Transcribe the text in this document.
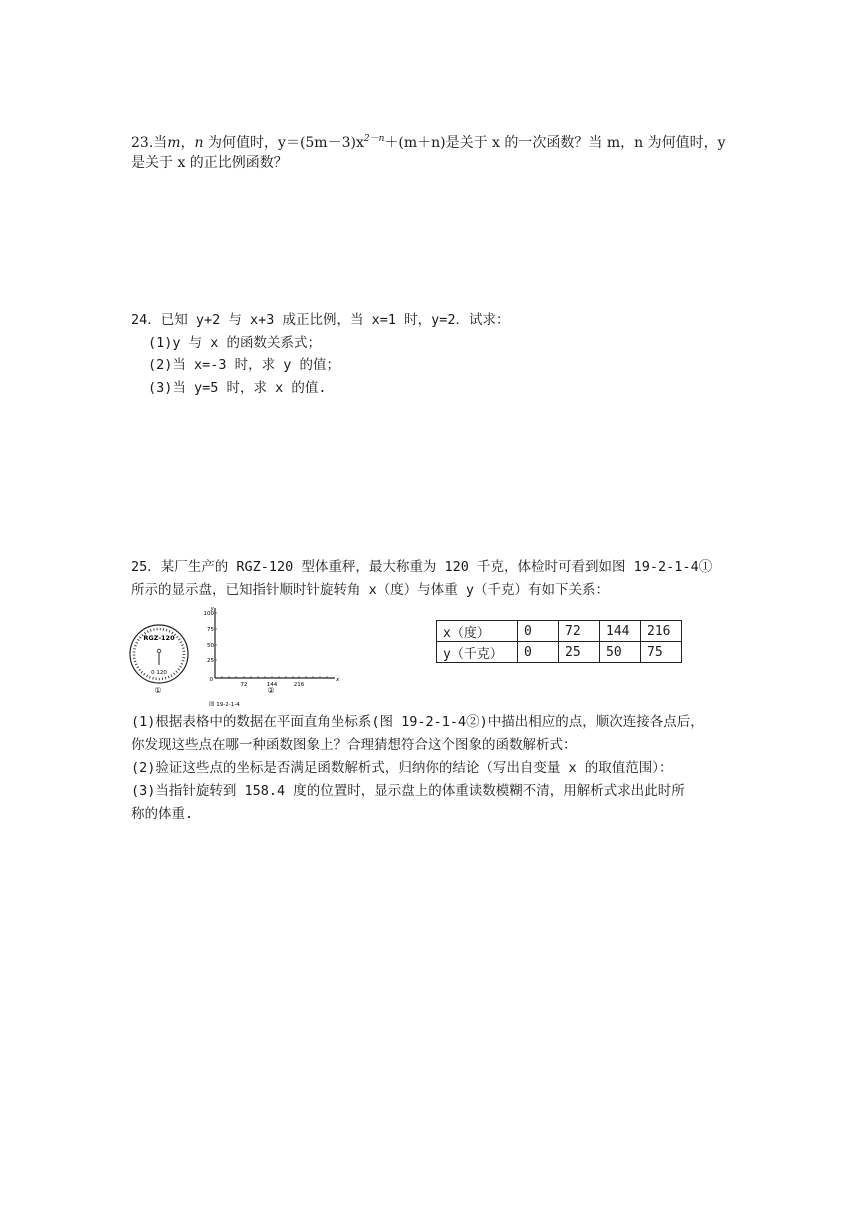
23.当m，n 为何值时，$y=(5m-3)x^{2-n}+(m+n)$是关于 x 的一次函数？当 m，n 为何值时，y
是关于 x 的正比例函数？
24．已知 y+2 与 x+3 成正比例，当 x=1 时，y=2．试求：
(1)y 与 x 的函数关系式；
(2)当 x=-3 时，求 y 的值；
(3)当 y=5 时，求 x 的值.
25．某厂生产的 RGZ-120 型体重秤，最大称重为 120 千克，体检时可看到如图 19-2-1-4①
所示的显示盘，已知指针顺时针旋转角 x（度）与体重 y（千克）有如下关系：
RGZ-120
0 120
①
y
x
100
75
50
25
0
72	144	216
②
图 19-2-1-4
x（度）	0	72	144	216
y（千克）	0	25	50	75
(1)根据表格中的数据在平面直角坐标系(图 19-2-1-4②)中描出相应的点，顺次连接各点后，
你发现这些点在哪一种函数图象上？合理猜想符合这个图象的函数解析式：
(2)验证这些点的坐标是否满足函数解析式，归纳你的结论（写出自变量 x 的取值范围）：
(3)当指针旋转到 158.4 度的位置时，显示盘上的体重读数模糊不清，用解析式求出此时所
称的体重.
